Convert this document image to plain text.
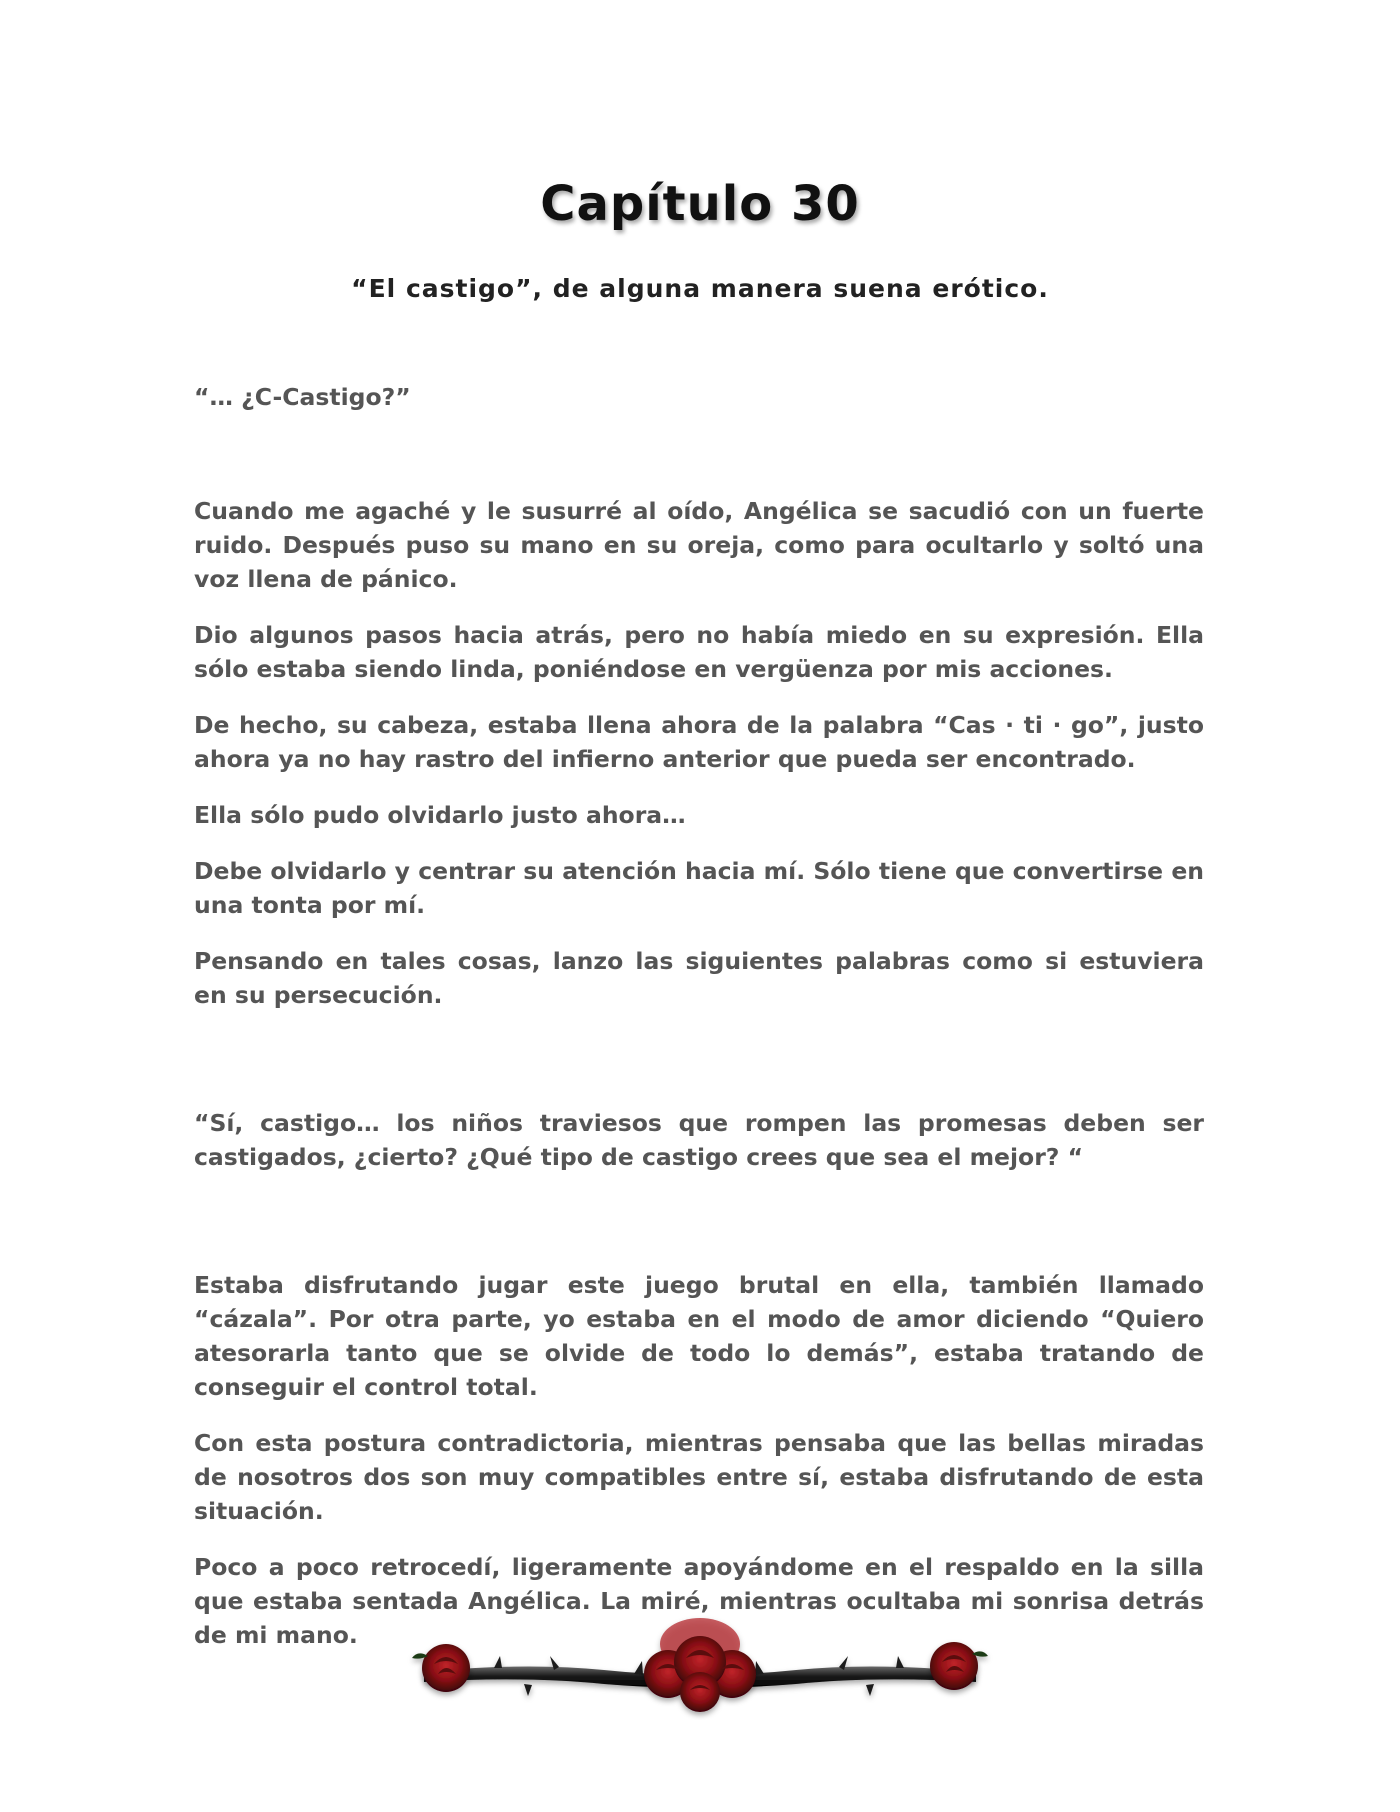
Capítulo 30
“El castigo”, de alguna manera suena erótico.

“… ¿C-Castigo?”

Cuando me agaché y le susurré al oído, Angélica se sacudió con un fuerte ruido. Después puso su mano en su oreja, como para ocultarlo y soltó una voz llena de pánico.

Dio algunos pasos hacia atrás, pero no había miedo en su expresión. Ella sólo estaba siendo linda, poniéndose en vergüenza por mis acciones.

De hecho, su cabeza, estaba llena ahora de la palabra “Cas · ti · go”, justo ahora ya no hay rastro del infierno anterior que pueda ser encontrado.

Ella sólo pudo olvidarlo justo ahora…

Debe olvidarlo y centrar su atención hacia mí. Sólo tiene que convertirse en una tonta por mí.

Pensando en tales cosas, lanzo las siguientes palabras como si estuviera en su persecución.

“Sí, castigo… los niños traviesos que rompen las promesas deben ser castigados, ¿cierto? ¿Qué tipo de castigo crees que sea el mejor? “

Estaba disfrutando jugar este juego brutal en ella, también llamado “cázala”. Por otra parte, yo estaba en el modo de amor diciendo “Quiero atesorarla tanto que se olvide de todo lo demás”, estaba tratando de conseguir el control total.

Con esta postura contradictoria, mientras pensaba que las bellas miradas de nosotros dos son muy compatibles entre sí, estaba disfrutando de esta situación.

Poco a poco retrocedí, ligeramente apoyándome en el respaldo en la silla que estaba sentada Angélica. La miré, mientras ocultaba mi sonrisa detrás de mi mano.
